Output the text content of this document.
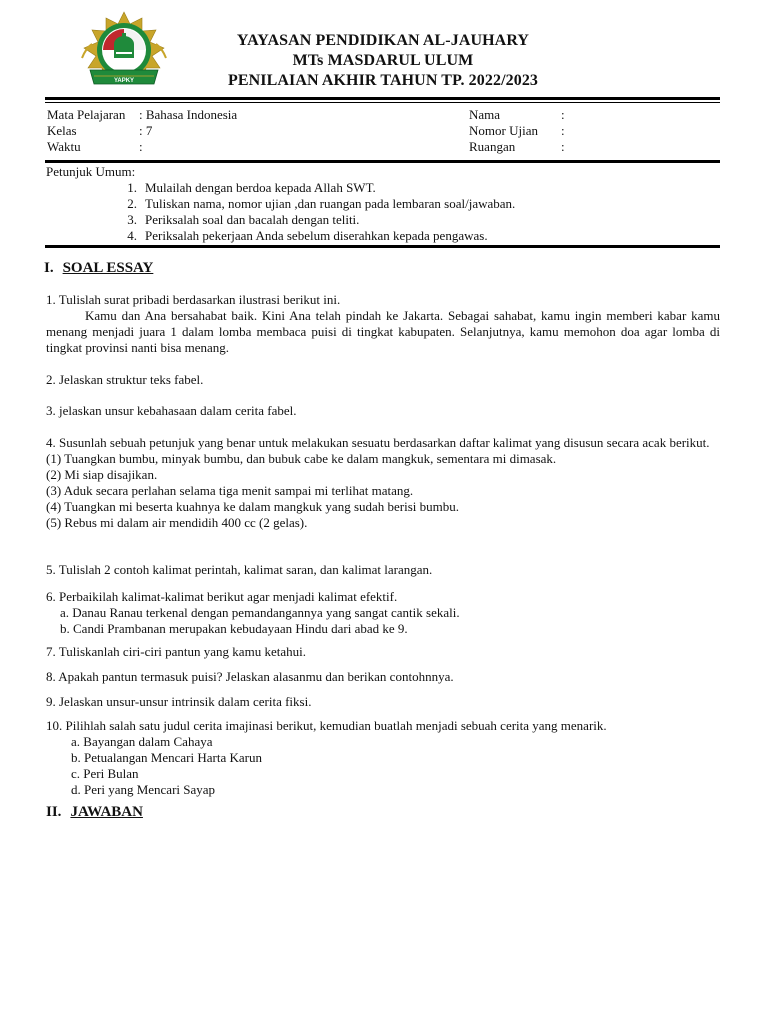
YAPKY
YAYASAN PENDIDIKAN AL-JAUHARY
MTs MASDARUL ULUM
PENILAIAN AKHIR TAHUN TP. 2022/2023
Mata Pelajaran	: Bahasa Indonesia
Kelas	: 7
Waktu	:
Nama	:
Nomor Ujian	:
Ruangan	:
Petunjuk Umum:
1. Mulailah dengan berdoa kepada Allah SWT.
2. Tuliskan nama, nomor ujian ,dan ruangan pada lembaran soal/jawaban.
3. Periksalah soal dan bacalah dengan teliti.
4. Periksalah pekerjaan Anda sebelum diserahkan kepada pengawas.
I. SOAL ESSAY

1. Tulislah surat pribadi berdasarkan ilustrasi berikut ini.

Kamu dan Ana bersahabat baik. Kini Ana telah pindah ke Jakarta. Sebagai sahabat, kamu ingin memberi kabar kamu menang menjadi juara 1 dalam lomba membaca puisi di tingkat kabupaten. Selanjutnya, kamu memohon doa agar lomba di tingkat provinsi nanti bisa menang.

2. Jelaskan struktur teks fabel.

3. jelaskan unsur kebahasaan dalam cerita fabel.

4. Susunlah sebuah petunjuk yang benar untuk melakukan sesuatu berdasarkan daftar kalimat yang disusun secara acak berikut.

(1) Tuangkan bumbu, minyak bumbu, dan bubuk cabe ke dalam mangkuk, sementara mi dimasak.

(2) Mi siap disajikan.

(3) Aduk secara perlahan selama tiga menit sampai mi terlihat matang.

(4) Tuangkan mi beserta kuahnya ke dalam mangkuk yang sudah berisi bumbu.

(5) Rebus mi dalam air mendidih 400 cc (2 gelas).

5. Tulislah 2 contoh kalimat perintah, kalimat saran, dan kalimat larangan.

6. Perbaikilah kalimat-kalimat berikut agar menjadi kalimat efektif.

a. Danau Ranau terkenal dengan pemandangannya yang sangat cantik sekali.

b. Candi Prambanan merupakan kebudayaan Hindu dari abad ke 9.

7. Tuliskanlah ciri-ciri pantun yang kamu ketahui.

8. Apakah pantun termasuk puisi? Jelaskan alasanmu dan berikan contohnnya.

9. Jelaskan unsur-unsur intrinsik dalam cerita fiksi.

10. Pilihlah salah satu judul cerita imajinasi berikut, kemudian buatlah menjadi sebuah cerita yang menarik.

a. Bayangan dalam Cahaya

b. Petualangan Mencari Harta Karun

c. Peri Bulan

d. Peri yang Mencari Sayap

II. JAWABAN
